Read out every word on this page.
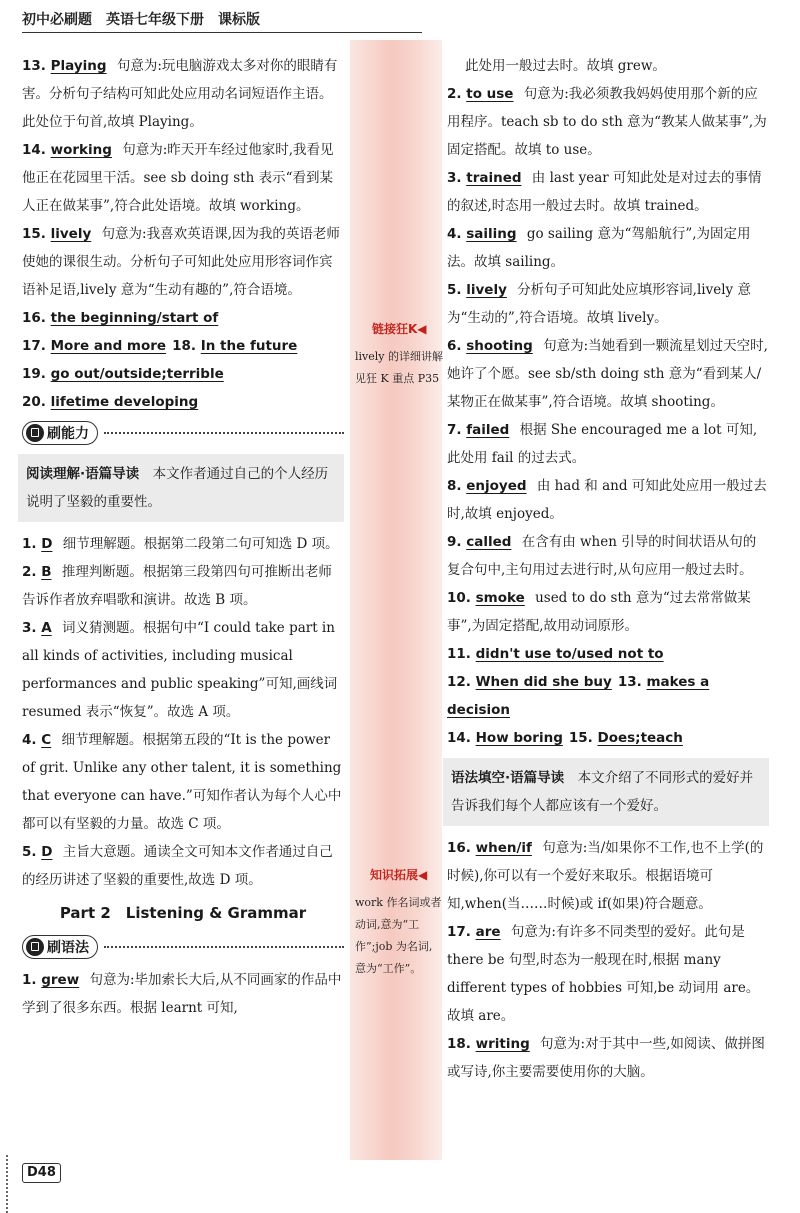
初中必刷题　英语七年级下册　课标版
链接狂K◀
lively 的详细讲解见狂 K 重点 P35
知识拓展◀
work 作名词或者动词,意为“工作”;job 为名词,意为“工作”。
13. Playing 句意为:玩电脑游戏太多对你的眼睛有害。分析句子结构可知此处应用动名词短语作主语。此处位于句首,故填 Playing。
14. working 句意为:昨天开车经过他家时,我看见他正在花园里干活。see sb doing sth 表示“看到某人正在做某事”,符合此处语境。故填 working。
15. lively 句意为:我喜欢英语课,因为我的英语老师使她的课很生动。分析句子可知此处应用形容词作宾语补足语,lively 意为“生动有趣的”,符合语境。
16. the beginning/start of
17. More and more 18. In the future
19. go out/outside;terrible
20. lifetime developing
刷能力
阅读理解·语篇导读　 本文作者通过自己的个人经历说明了坚毅的重要性。
1. D 细节理解题。根据第二段第二句可知选 D 项。
2. B 推理判断题。根据第三段第四句可推断出老师告诉作者放弃唱歌和演讲。故选 B 项。
3. A 词义猜测题。根据句中“I could take part in all kinds of activities, including musical performances and public speaking”可知,画线词 resumed 表示“恢复”。故选 A 项。
4. C 细节理解题。根据第五段的“It is the power of grit. Unlike any other talent, it is something that everyone can have.”可知作者认为每个人心中都可以有坚毅的力量。故选 C 项。
5. D 主旨大意题。通读全文可知本文作者通过自己的经历讲述了坚毅的重要性,故选 D 项。
Part 2　Listening & Grammar
刷语法
1. grew 句意为:毕加索长大后,从不同画家的作品中学到了很多东西。根据 learnt 可知,
此处用一般过去时。故填 grew。
2. to use 句意为:我必须教我妈妈使用那个新的应用程序。teach sb to do sth 意为“教某人做某事”,为固定搭配。故填 to use。
3. trained 由 last year 可知此处是对过去的事情的叙述,时态用一般过去时。故填 trained。
4. sailing go sailing 意为“驾船航行”,为固定用法。故填 sailing。
5. lively 分析句子可知此处应填形容词,lively 意为“生动的”,符合语境。故填 lively。
6. shooting 句意为:当她看到一颗流星划过天空时,她许了个愿。see sb/sth doing sth 意为“看到某人/某物正在做某事”,符合语境。故填 shooting。
7. failed 根据 She encouraged me a lot 可知,此处用 fail 的过去式。
8. enjoyed 由 had 和 and 可知此处应用一般过去时,故填 enjoyed。
9. called 在含有由 when 引导的时间状语从句的复合句中,主句用过去进行时,从句应用一般过去时。
10. smoke used to do sth 意为“过去常常做某事”,为固定搭配,故用动词原形。
11. didn't use to/used not to
12. When did she buy 13. makes a decision
14. How boring 15. Does;teach
语法填空·语篇导读　 本文介绍了不同形式的爱好并告诉我们每个人都应该有一个爱好。
16. when/if 句意为:当/如果你不工作,也不上学(的时候),你可以有一个爱好来取乐。根据语境可知,when(当……时候)或 if(如果)符合题意。
17. are 句意为:有许多不同类型的爱好。此句是 there be 句型,时态为一般现在时,根据 many different types of hobbies 可知,be 动词用 are。故填 are。
18. writing 句意为:对于其中一些,如阅读、做拼图或写诗,你主要需要使用你的大脑。
D48
